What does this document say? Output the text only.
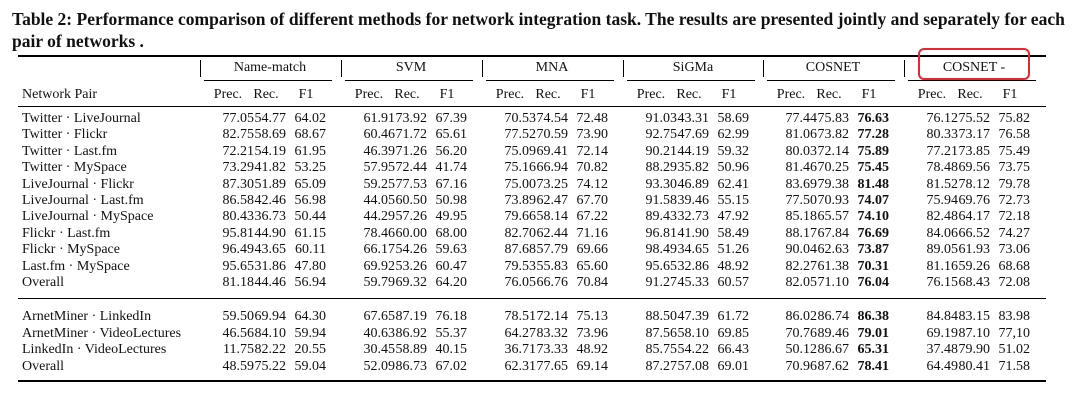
Table 2: Performance comparison of different methods for network integration task. The results are presented jointly and separately for each pair of networks .
Name-match	SVM	MNA	SiGMa	COSNET	COSNET -
Network Pair	Prec. Rec.	F1	Prec. Rec.	F1	Prec. Rec.	F1	Prec. Rec.	F1	Prec. Rec.	F1	Prec. Rec.	F1
Twitter · LiveJournal	77.05 54.77 64.02	61.91 73.92 67.39	70.53 74.54 72.48	91.03 43.31 58.69	77.44 75.83 76.63	76.12 75.52 75.82
Twitter · Flickr	82.75 58.69 68.67	60.46 71.72 65.61	77.52 70.59 73.90	92.75 47.69 62.99	81.06 73.82 77.28	80.33 73.17 76.58
Twitter · Last.fm	72.21 54.19 61.95	46.39 71.26 56.20	75.09 69.41 72.14	90.21 44.19 59.32	80.03 72.14 75.89	77.21 73.85 75.49
Twitter · MySpace	73.29 41.82 53.25	57.95 72.44 41.74	75.16 66.94 70.82	88.29 35.82 50.96	81.46 70.25 75.45	78.48 69.56 73.75
LiveJournal · Flickr	87.30 51.89 65.09	59.25 77.53 67.16	75.00 73.25 74.12	93.30 46.89 62.41	83.69 79.38 81.48	81.52 78.12 79.78
LiveJournal · Last.fm	86.58 42.46 56.98	44.05 60.50 50.98	73.89 62.47 67.70	91.58 39.46 55.15	77.50 70.93 74.07	75.94 69.76 72.73
LiveJournal · MySpace	80.43 36.73 50.44	44.29 57.26 49.95	79.66 58.14 67.22	89.43 32.73 47.92	85.18 65.57 74.10	82.48 64.17 72.18
Flickr · Last.fm	95.81 44.90 61.15	78.46 60.00 68.00	82.70 62.44 71.16	96.81 41.90 58.49	88.17 67.84 76.69	84.06 66.52 74.27
Flickr · MySpace	96.49 43.65 60.11	66.17 54.26 59.63	87.68 57.79 69.66	98.49 34.65 51.26	90.04 62.63 73.87	89.05 61.93 73.06
Last.fm · MySpace	95.65 31.86 47.80	69.92 53.26 60.47	79.53 55.83 65.60	95.65 32.86 48.92	82.27 61.38 70.31	81.16 59.26 68.68
Overall	81.18 44.46 56.94	59.79 69.32 64.20	76.05 66.76 70.84	91.27 45.33 60.57	82.05 71.10 76.04	76.15 68.43 72.08
ArnetMiner · LinkedIn	59.50 69.94 64.30	67.65 87.19 76.18	78.51 72.14 75.13	88.50 47.39 61.72	86.02 86.74 86.38	84.84 83.15 83.98
ArnetMiner · VideoLectures	46.56 84.10 59.94	40.63 86.92 55.37	64.27 83.32 73.96	87.56 58.10 69.85	70.76 89.46 79.01	69.19 87.10 77,10
LinkedIn · VideoLectures	11.75 82.22 20.55	30.45 58.89 40.15	36.71 73.33 48.92	85.75 54.22 66.43	50.12 86.67 65.31	37.48 79.90 51.02
Overall	48.59 75.22 59.04	52.09 86.73 67.02	62.31 77.65 69.14	87.27 57.08 69.01	70.96 87.62 78.41	64.49 80.41 71.58
